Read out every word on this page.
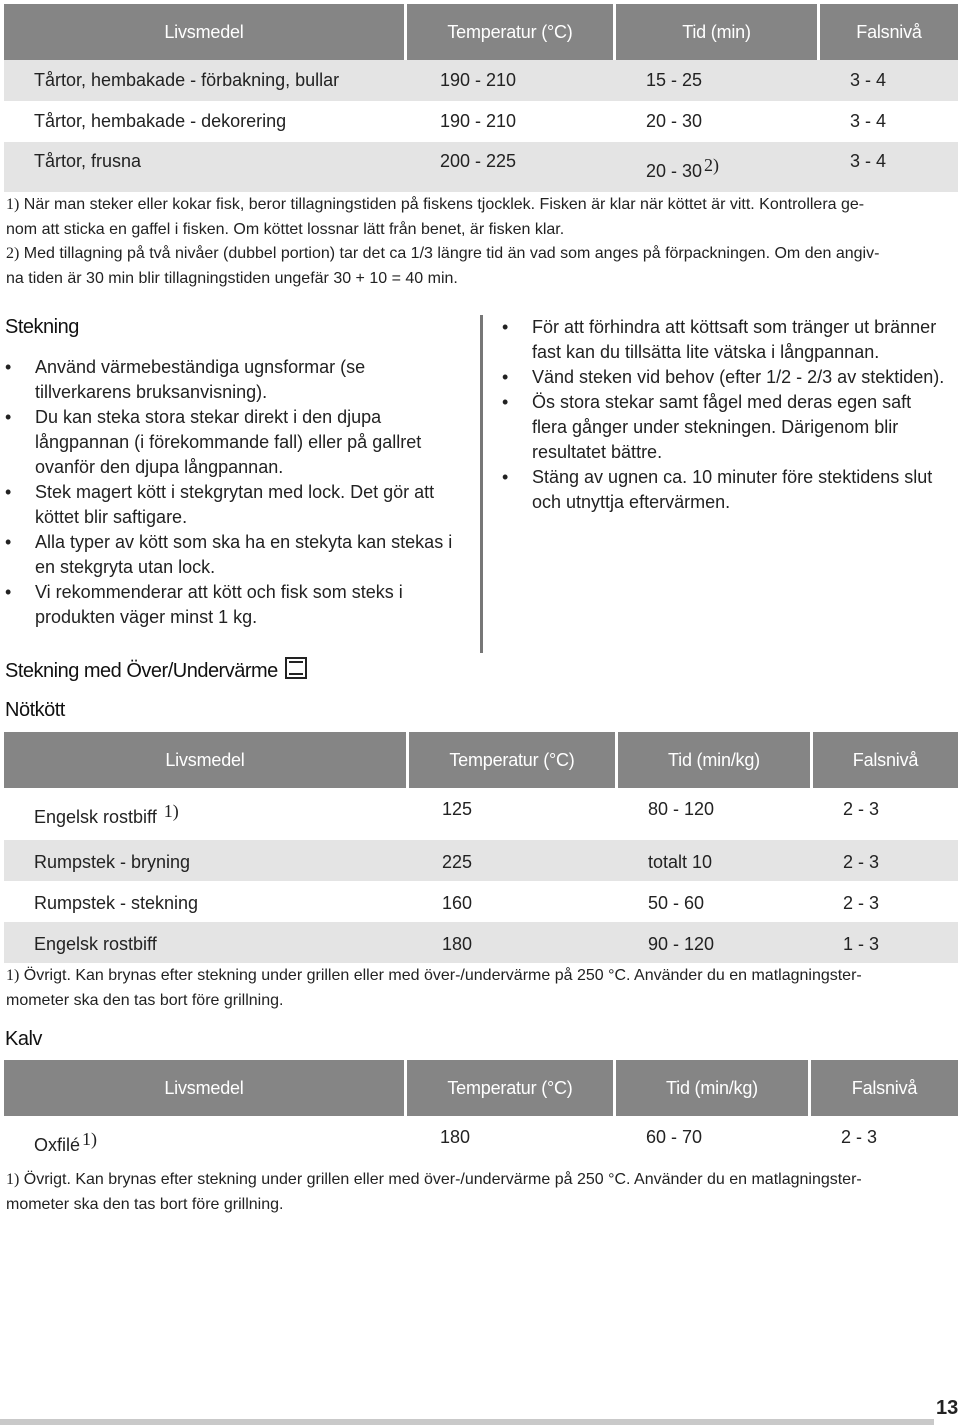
Livsmedel	Temperatur (°C)	Tid (min)	Falsnivå
Tårtor, hembakade - förbakning, bullar	190 - 210	15 - 25	3 - 4
Tårtor, hembakade - dekorering	190 - 210	20 - 30	3 - 4
Tårtor, frusna	200 - 225	20 - 30 2)	3 - 4
1) När man steker eller kokar fisk, beror tillagningstiden på fiskens tjocklek. Fisken är klar när köttet är vitt. Kontrollera ge-
nom att sticka en gaffel i fisken. Om köttet lossnar lätt från benet, är fisken klar.
2) Med tillagning på två nivåer (dubbel portion) tar det ca 1/3 längre tid än vad som anges på förpackningen. Om den angiv-
na tiden är 30 min blir tillagningstiden ungefär 30 + 10 = 40 min.
Stekning
• Använd värmebeständiga ugnsformar (se
tillverkarens bruksanvisning).
• Du kan steka stora stekar direkt i den djupa
långpannan (i förekommande fall) eller på gallret
ovanför den djupa långpannan.
• Stek magert kött i stekgrytan med lock. Det gör att
köttet blir saftigare.
• Alla typer av kött som ska ha en stekyta kan stekas i
en stekgryta utan lock.
• Vi rekommenderar att kött och fisk som steks i
produkten väger minst 1 kg.
• För att förhindra att köttsaft som tränger ut bränner
fast kan du tillsätta lite vätska i långpannan.
• Vänd steken vid behov (efter 1/2 - 2/3 av stektiden).
• Ös stora stekar samt fågel med deras egen saft
flera gånger under stekningen. Därigenom blir
resultatet bättre.
• Stäng av ugnen ca. 10 minuter före stektidens slut
och utnyttja eftervärmen.
Stekning med Över/Undervärme
Nötkött
Livsmedel	Temperatur (°C)	Tid (min/kg)	Falsnivå
Engelsk rostbiff 1)	125	80 - 120	2 - 3
Rumpstek - bryning	225	totalt 10	2 - 3
Rumpstek - stekning	160	50 - 60	2 - 3
Engelsk rostbiff	180	90 - 120	1 - 3
1) Övrigt. Kan brynas efter stekning under grillen eller med över-/undervärme på 250 °C. Använder du en matlagningster-
mometer ska den tas bort före grillning.
Kalv
Livsmedel	Temperatur (°C)	Tid (min/kg)	Falsnivå
Oxfilé 1)	180	60 - 70	2 - 3
1) Övrigt. Kan brynas efter stekning under grillen eller med över-/undervärme på 250 °C. Använder du en matlagningster-
mometer ska den tas bort före grillning.
13
